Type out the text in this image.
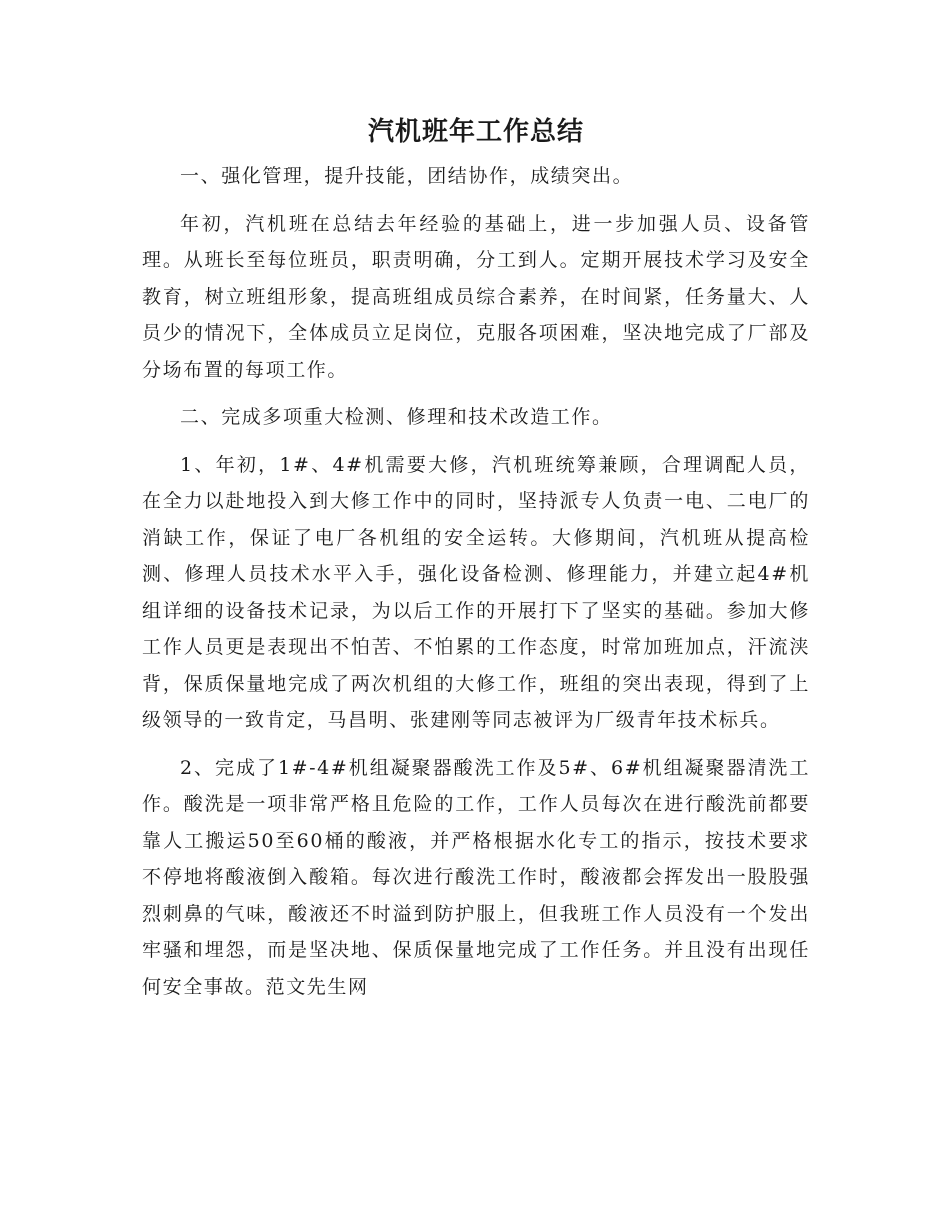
汽机班年工作总结

一、强化管理，提升技能，团结协作，成绩突出。

年初，汽机班在总结去年经验的基础上，进一步加强人员、设备管理。从班长至每位班员，职责明确，分工到人。定期开展技术学习及安全教育，树立班组形象，提高班组成员综合素养，在时间紧，任务量大、人员少的情况下，全体成员立足岗位，克服各项困难，坚决地完成了厂部及分场布置的每项工作。

二、完成多项重大检测、修理和技术改造工作。

1、年初，1#、4#机需要大修，汽机班统筹兼顾，合理调配人员，在全力以赴地投入到大修工作中的同时，坚持派专人负责一电、二电厂的消缺工作，保证了电厂各机组的安全运转。大修期间，汽机班从提高检测、修理人员技术水平入手，强化设备检测、修理能力，并建立起4#机组详细的设备技术记录，为以后工作的开展打下了坚实的基础。参加大修工作人员更是表现出不怕苦、不怕累的工作态度，时常加班加点，汗流浃背，保质保量地完成了两次机组的大修工作，班组的突出表现，得到了上级领导的一致肯定，马昌明、张建刚等同志被评为厂级青年技术标兵。

2、完成了1#-4#机组凝聚器酸洗工作及5#、6#机组凝聚器清洗工作。酸洗是一项非常严格且危险的工作，工作人员每次在进行酸洗前都要靠人工搬运50至60桶的酸液，并严格根据水化专工的指示，按技术要求不停地将酸液倒入酸箱。每次进行酸洗工作时，酸液都会挥发出一股股强烈刺鼻的气味，酸液还不时溢到防护服上，但我班工作人员没有一个发出牢骚和埋怨，而是坚决地、保质保量地完成了工作任务。并且没有出现任何安全事故。范文先生网
